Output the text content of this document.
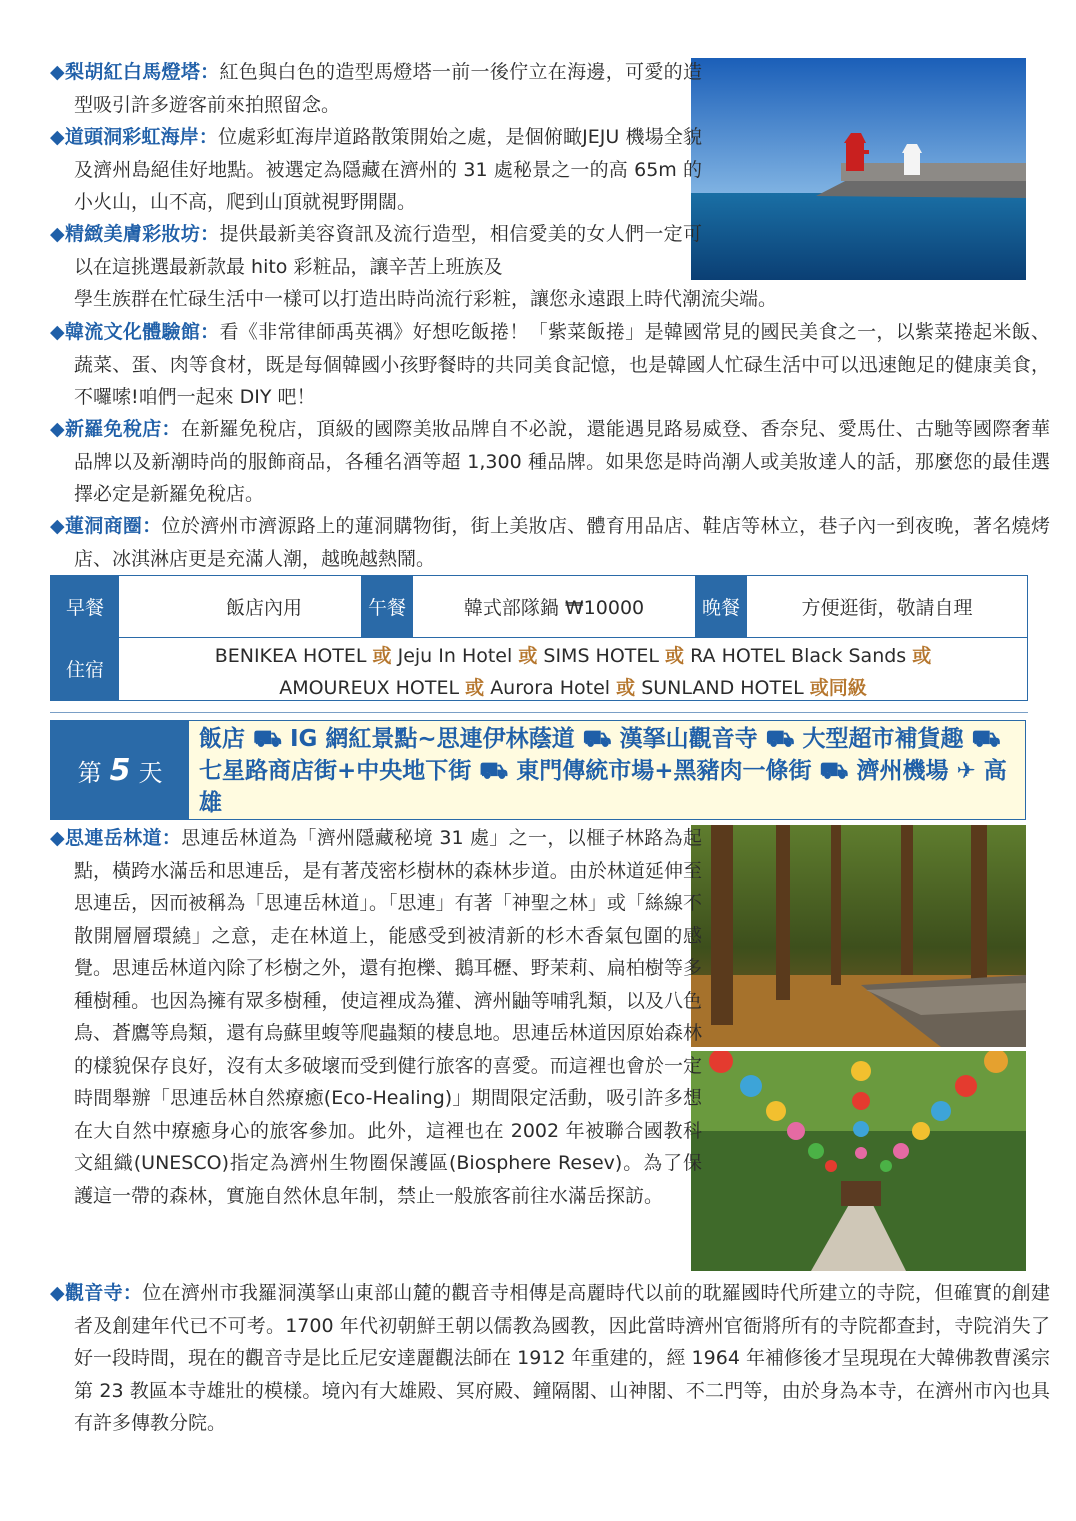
◆梨胡紅白馬燈塔：紅色與白色的造型馬燈塔一前一後佇立在海邊，可愛的造型吸引許多遊客前來拍照留念。
◆道頭洞彩虹海岸：位處彩虹海岸道路散策開始之處，是個俯瞰JEJU 機場全貌及濟州島絕佳好地點。被選定為隱藏在濟州的 31 處秘景之一的高 65m 的小火山，山不高，爬到山頂就視野開闊。
◆精緻美膚彩妝坊：提供最新美容資訊及流行造型，相信愛美的女人們一定可以在這挑選最新款最 hito 彩粧品，讓辛苦上班族及
學生族群在忙碌生活中一樣可以打造出時尚流行彩粧，讓您永遠跟上時代潮流尖端。
◆韓流文化體驗館：看《非常律師禹英禑》好想吃飯捲！「紫菜飯捲」是韓國常見的國民美食之一，以紫菜捲起米飯、蔬菜、蛋、肉等食材，既是每個韓國小孩野餐時的共同美食記憶，也是韓國人忙碌生活中可以迅速飽足的健康美食，不囉嗦!咱們一起來 DIY 吧！
◆新羅免稅店：在新羅免稅店，頂級的國際美妝品牌自不必說，還能遇見路易威登、香奈兒、愛馬仕、古馳等國際奢華品牌以及新潮時尚的服飾商品，各種名酒等超 1,300 種品牌。如果您是時尚潮人或美妝達人的話，那麼您的最佳選擇必定是新羅免稅店。
◆蓮洞商圈：位於濟州市濟源路上的蓮洞購物街，街上美妝店、體育用品店、鞋店等林立，巷子內一到夜晚，著名燒烤店、冰淇淋店更是充滿人潮，越晚越熱鬧。
早餐	飯店內用	午餐	韓式部隊鍋 ₩10000	晚餐	方便逛街，敬請自理
住宿
BENIKEA HOTEL 或 Jeju In Hotel 或 SIMS HOTEL 或 RA HOTEL Black Sands 或
AMOUREUX HOTEL 或 Aurora Hotel 或 SUNLAND HOTEL 或同級
第 5 天
飯店 ⛟ IG 網紅景點~思連伊林蔭道 ⛟ 漢拏山觀音寺 ⛟ 大型超市補貨趣 ⛟ 七星路商店街+中央地下街 ⛟ 東門傳統市場+黑豬肉一條街 ⛟ 濟州機場 ✈ 高雄
◆思連岳林道：思連岳林道為「濟州隱藏秘境 31 處」之一，以榧子林路為起點，橫跨水滿岳和思連岳，是有著茂密杉樹林的森林步道。由於林道延伸至思連岳，因而被稱為「思連岳林道」。「思連」有著「神聖之林」或「絲線不散開層層環繞」之意，走在林道上，能感受到被清新的杉木香氣包圍的感覺。思連岳林道內除了杉樹之外，還有抱櫟、鵝耳櫪、野茉莉、扁柏樹等多種樹種。也因為擁有眾多樹種，使這裡成為獾、濟州鼬等哺乳類，以及八色鳥、蒼鷹等鳥類，還有烏蘇里蝮等爬蟲類的棲息地。思連岳林道因原始森林的樣貌保存良好，沒有太多破壞而受到健行旅客的喜愛。而這裡也會於一定時間舉辦「思連岳林自然療癒(Eco-Healing)」期間限定活動，吸引許多想在大自然中療癒身心的旅客參加。此外，這裡也在 2002 年被聯合國教科文組織(UNESCO)指定為濟州生物圈保護區(Biosphere Resev)。為了保護這一帶的森林，實施自然休息年制，禁止一般旅客前往水滿岳探訪。
◆觀音寺：位在濟州市我羅洞漢拏山東部山麓的觀音寺相傳是高麗時代以前的耽羅國時代所建立的寺院，但確實的創建者及創建年代已不可考。1700 年代初朝鮮王朝以儒教為國教，因此當時濟州官衙將所有的寺院都查封，寺院消失了好一段時間，現在的觀音寺是比丘尼安達麗觀法師在 1912 年重建的，經 1964 年補修後才呈現現在大韓佛教曹溪宗第 23 教區本寺雄壯的模樣。境內有大雄殿、冥府殿、鐘隔閣、山神閣、不二門等，由於身為本寺，在濟州市內也具有許多傳教分院。
